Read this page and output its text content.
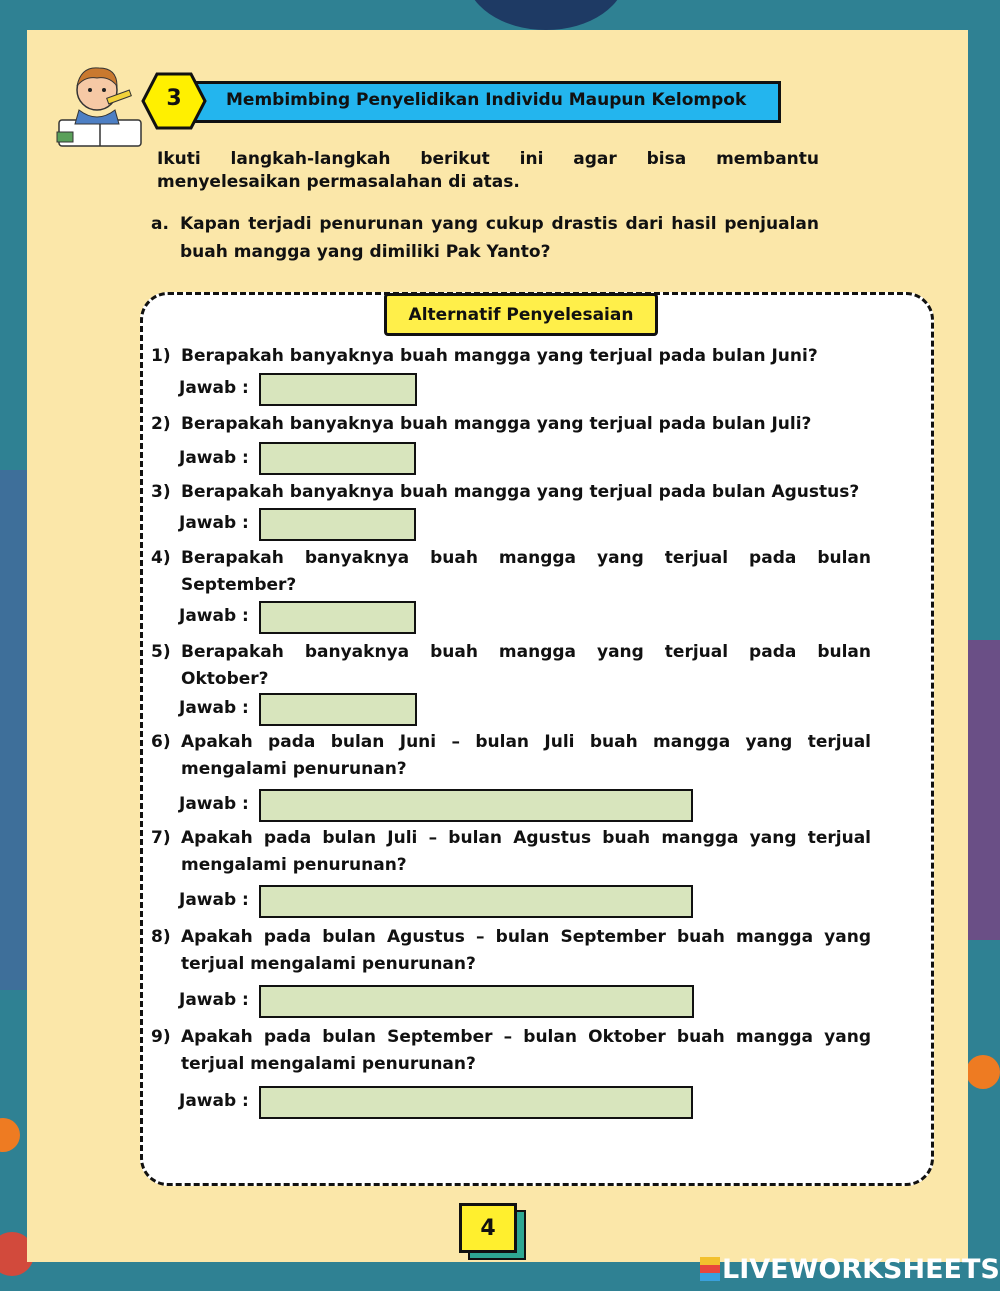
3	Membimbing Penyelidikan Individu Maupun Kelompok
Ikuti langkah-langkah berikut ini agar bisa membantu
menyelesaikan permasalahan di atas.
a. Kapan terjadi penurunan yang cukup drastis dari hasil penjualan
buah mangga yang dimiliki Pak Yanto?
Alternatif Penyelesaian
1) Berapakah banyaknya buah mangga yang terjual pada bulan Juni?
Jawab :
2) Berapakah banyaknya buah mangga yang terjual pada bulan Juli?
Jawab :
3) Berapakah banyaknya buah mangga yang terjual pada bulan Agustus?
Jawab :
4) Berapakah banyaknya buah mangga yang terjual pada bulan
September?
Jawab :
5) Berapakah banyaknya buah mangga yang terjual pada bulan
Oktober?
Jawab :
6) Apakah pada bulan Juni – bulan Juli buah mangga yang terjual
mengalami penurunan?
Jawab :
7) Apakah pada bulan Juli – bulan Agustus buah mangga yang terjual
mengalami penurunan?
Jawab :
8) Apakah pada bulan Agustus – bulan September buah mangga yang
terjual mengalami penurunan?
Jawab :
9) Apakah pada bulan September – bulan Oktober buah mangga yang
terjual mengalami penurunan?
Jawab :
4
LIVEWORKSHEETS
